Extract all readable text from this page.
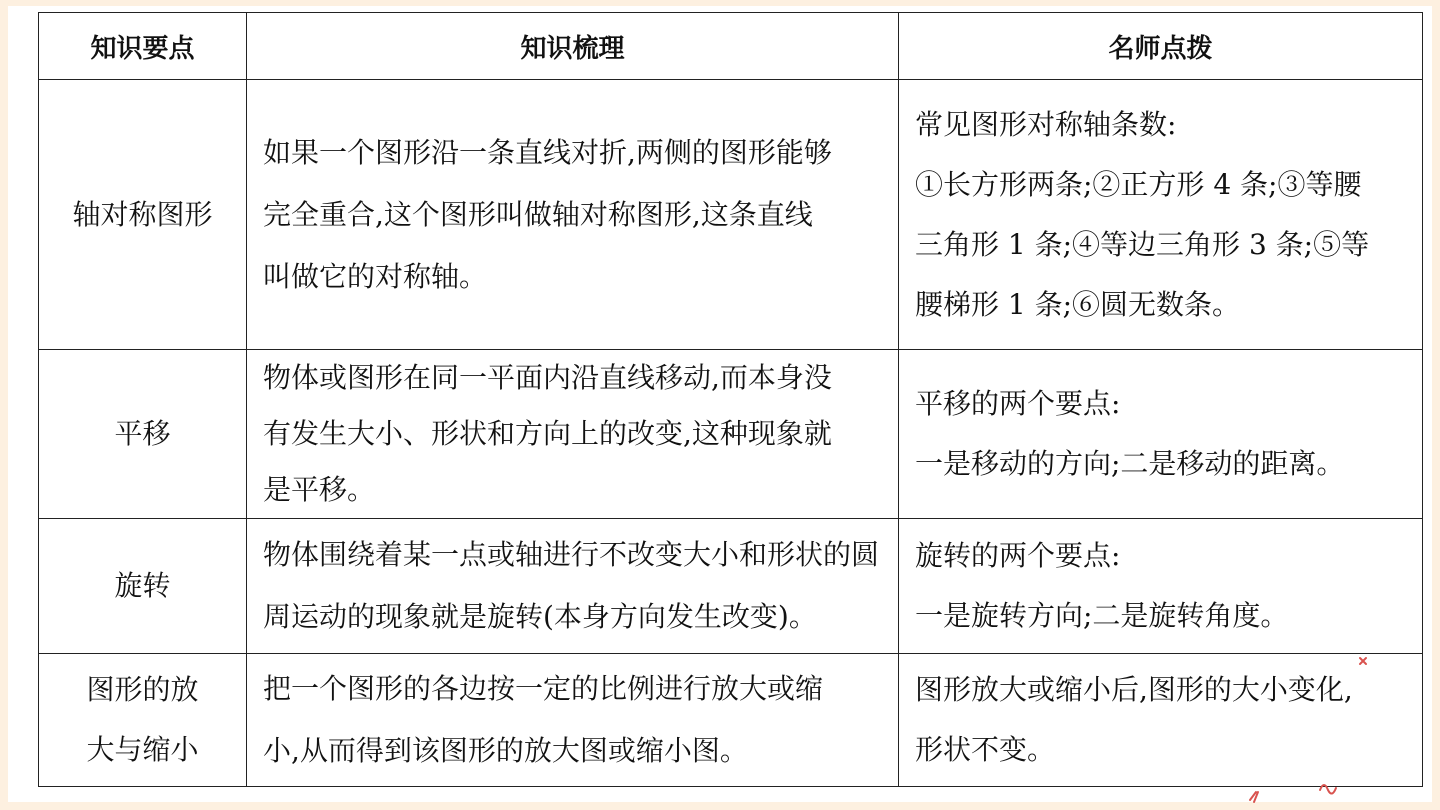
知识要点	知识梳理	名师点拨

轴对称图形	如果一个图形沿一条直线对折,两侧的图形能够
完全重合,这个图形叫做轴对称图形,这条直线
叫做它的对称轴。	常见图形对称轴条数:
①长方形两条;②正方形 4 条;③等腰
三角形 1 条;④等边三角形 3 条;⑤等
腰梯形 1 条;⑥圆无数条。

平移	物体或图形在同一平面内沿直线移动,而本身没
有发生大小、形状和方向上的改变,这种现象就
是平移。	平移的两个要点:
一是移动的方向;二是移动的距离。

旋转	物体围绕着某一点或轴进行不改变大小和形状的圆
周运动的现象就是旋转(本身方向发生改变)。	旋转的两个要点:
一是旋转方向;二是旋转角度。

图形的放
大与缩小	把一个图形的各边按一定的比例进行放大或缩
小,从而得到该图形的放大图或缩小图。	图形放大或缩小后,图形的大小变化,
形状不变。
